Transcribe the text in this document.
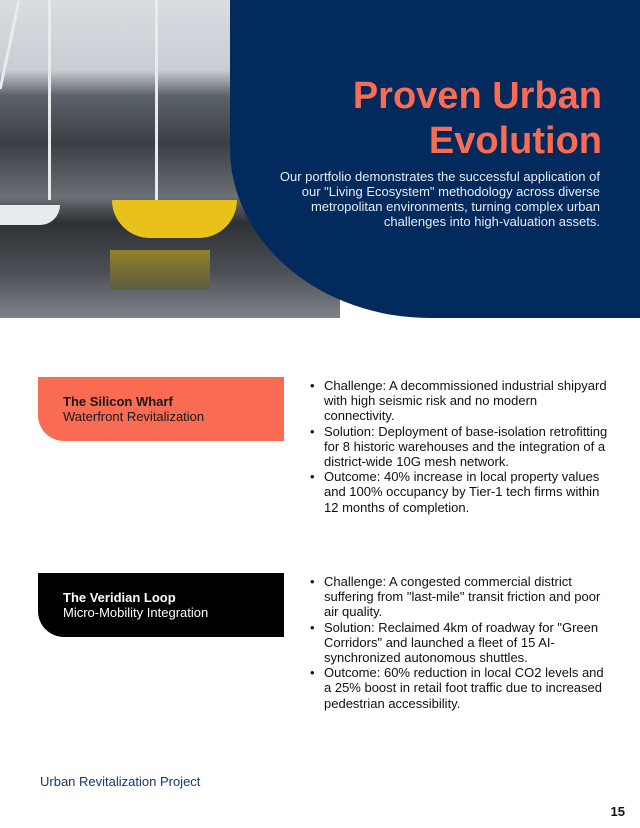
Proven Urban
Evolution

Our portfolio demonstrates the successful application of our "Living Ecosystem" methodology across diverse metropolitan environments, turning complex urban challenges into high-valuation assets.

The Silicon Wharf
Waterfront Revitalization
• Challenge: A decommissioned industrial shipyard with high seismic risk and no modern connectivity.
• Solution: Deployment of base-isolation retrofitting for 8 historic warehouses and the integration of a district-wide 10G mesh network.
• Outcome: 40% increase in local property values and 100% occupancy by Tier-1 tech firms within 12 months of completion.
The Veridian Loop
Micro-Mobility Integration
• Challenge: A congested commercial district suffering from "last-mile" transit friction and poor air quality.
• Solution: Reclaimed 4km of roadway for "Green Corridors" and launched a fleet of 15 AI-synchronized autonomous shuttles.
• Outcome: 60% reduction in local CO2 levels and a 25% boost in retail foot traffic due to increased pedestrian accessibility.
Urban Revitalization Project
15
